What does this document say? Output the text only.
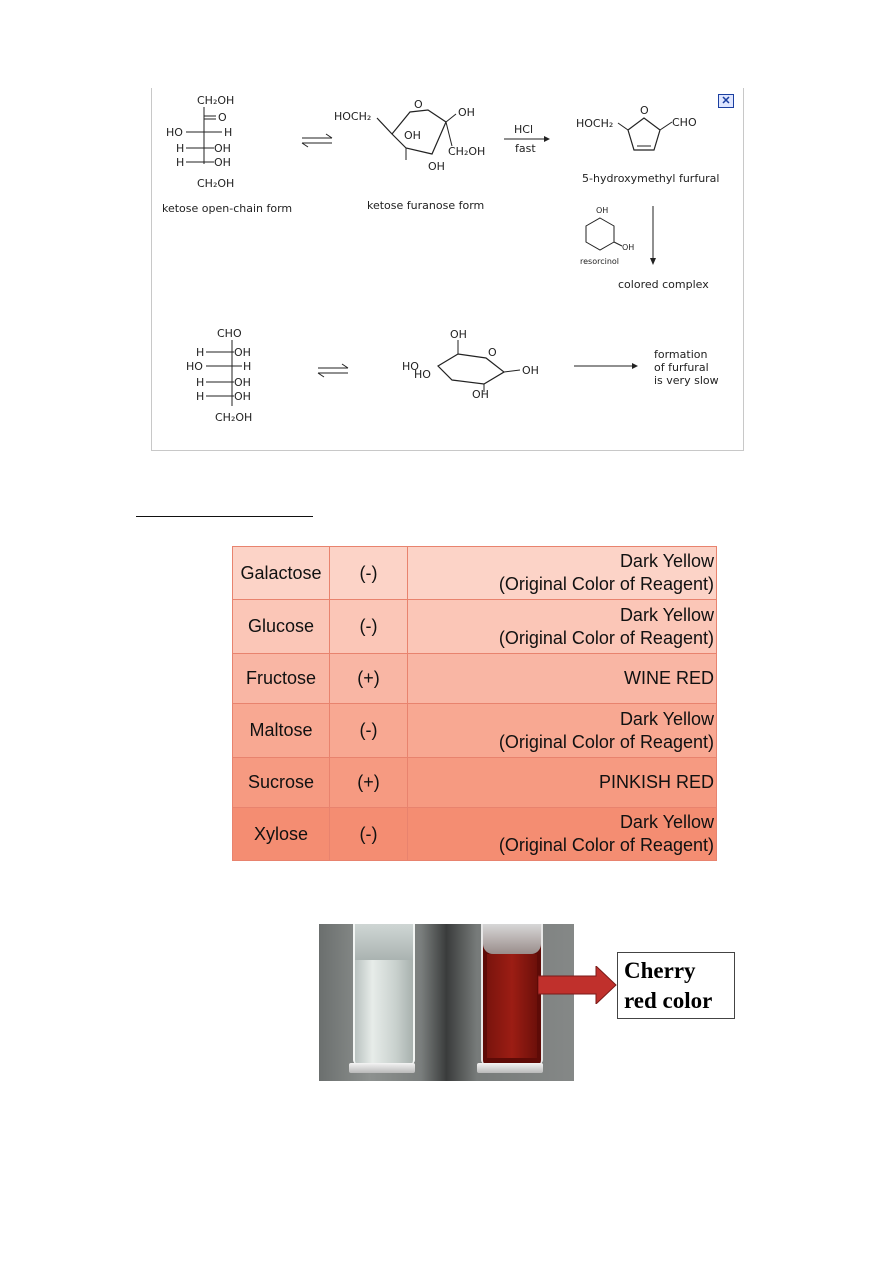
CH₂OH
O
HO	H
H	OH
H	OH
CH₂OH
ketose open-chain form
HOCH₂
O
OH
OH
CH₂OH
OH
ketose furanose form
HCl
fast
HOCH₂
O
CHO
5-hydroxymethyl furfural
OH
OH
resorcinol
colored complex
CHO
H	OH
HO	H
H	OH
H	OH
CH₂OH
OH
O
HO
HO	OH
OH
formation
of furfural
is very slow
✕
Galactose	(-)	Dark Yellow
(Original Color of Reagent)

Glucose	(-)	Dark Yellow
(Original Color of Reagent)

Fructose	(+)	WINE RED

Maltose	(-)	Dark Yellow
(Original Color of Reagent)

Sucrose	(+)	PINKISH RED

Xylose	(-)	Dark Yellow
(Original Color of Reagent)
Cherry
red color
